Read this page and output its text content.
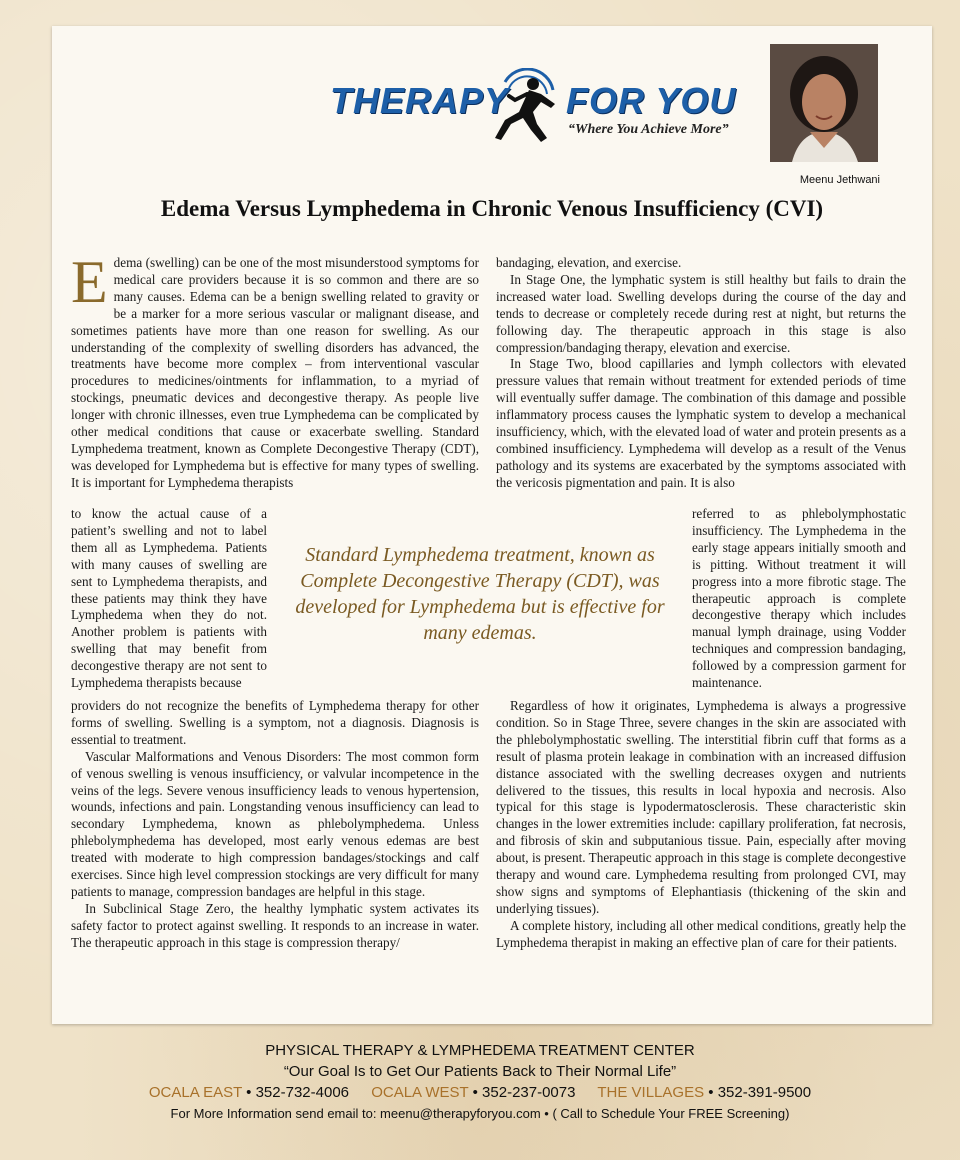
THERAPY FOR YOU
“Where You Achieve More”
Meenu Jethwani
Edema Versus Lymphedema in Chronic Venous Insufficiency (CVI)

Edema (swelling) can be one of the most misunderstood symptoms for medical care providers because it is so common and there are so many causes. Edema can be a benign swelling related to gravity or be a marker for a more serious vascular or malignant disease, and sometimes patients have more than one reason for swelling. As our understanding of the complexity of swelling disorders has advanced, the treatments have become more complex – from interventional vascular procedures to medicines/ointments for inflammation, to a myriad of stockings, pneumatic devices and decongestive therapy. As people live longer with chronic illnesses, even true Lymphedema can be complicated by other medical conditions that cause or exacerbate swelling. Standard Lymphedema treatment, known as Complete Decongestive Therapy (CDT), was developed for Lymphedema but is effective for many types of swelling. It is important for Lymphedema therapists

to know the actual cause of a patient’s swelling and not to label them all as Lymphedema. Patients with many causes of swelling are sent to Lymphedema therapists, and these patients may think they have Lymphedema when they do not. Another problem is patients with swelling that may benefit from decongestive therapy are not sent to Lymphedema therapists because

providers do not recognize the benefits of Lymphedema therapy for other forms of swelling. Swelling is a symptom, not a diagnosis. Diagnosis is essential to treatment.

Vascular Malformations and Venous Disorders: The most common form of venous swelling is venous insufficiency, or valvular incompetence in the veins of the legs. Severe venous insufficiency leads to venous hypertension, wounds, infections and pain. Longstanding venous insufficiency can lead to secondary Lymphedema, known as phlebolymphedema. Unless phlebolymphedema has developed, most early venous edemas are best treated with moderate to high compression bandages/stockings and calf exercises. Since high level compression stockings are very difficult for many patients to manage, compression bandages are helpful in this stage.

In Subclinical Stage Zero, the healthy lymphatic system activates its safety factor to protect against swelling. It responds to an increase in water. The therapeutic approach in this stage is compression therapy/

Standard Lymphedema treatment, known as Complete Decongestive Therapy (CDT), was developed for Lymphedema but is effective for many edemas.

bandaging, elevation, and exercise.

In Stage One, the lymphatic system is still healthy but fails to drain the increased water load. Swelling develops during the course of the day and tends to decrease or completely recede during rest at night, but returns the following day. The therapeutic approach in this stage is also compression/bandaging therapy, elevation and exercise.

In Stage Two, blood capillaries and lymph collectors with elevated pressure values that remain without treatment for extended periods of time will eventually suffer damage. The combination of this damage and possible inflammatory process causes the lymphatic system to develop a mechanical insufficiency, which, with the elevated load of water and protein presents as a combined insufficiency. Lymphedema will develop as a result of the Venus pathology and its systems are exacerbated by the symptoms associated with the vericosis pigmentation and pain. It is also

referred to as phlebolymphostatic insufficiency. The Lymphedema in the early stage appears initially smooth and is pitting. Without treatment it will progress into a more fibrotic stage. The therapeutic approach is complete decongestive therapy which includes manual lymph drainage, using Vodder techniques and compression bandaging, followed by a compression garment for maintenance.

Regardless of how it originates, Lymphedema is always a progressive condition. So in Stage Three, severe changes in the skin are associated with the phlebolymphostatic swelling. The interstitial fibrin cuff that forms as a result of plasma protein leakage in combination with an increased diffusion distance associated with the swelling decreases oxygen and nutrients delivered to the tissues, this results in local hypoxia and necrosis. Also typical for this stage is lypodermatosclerosis. These characteristic skin changes in the lower extremities include: capillary proliferation, fat necrosis, and fibrosis of skin and subputanious tissue. Pain, especially after moving about, is present. Therapeutic approach in this stage is complete decongestive therapy and wound care. Lymphedema resulting from prolonged CVI, may show signs and symptoms of Elephantiasis (thickening of the skin and underlying tissues).

A complete history, including all other medical conditions, greatly help the Lymphedema therapist in making an effective plan of care for their patients.

PHYSICAL THERAPY & LYMPHEDEMA TREATMENT CENTER
“Our Goal Is to Get Our Patients Back to Their Normal Life”
OCALA EAST • 352-732-4006 OCALA WEST • 352-237-0073 THE VILLAGES • 352-391-9500
For More Information send email to: meenu@therapyforyou.com • ( Call to Schedule Your FREE Screening)
